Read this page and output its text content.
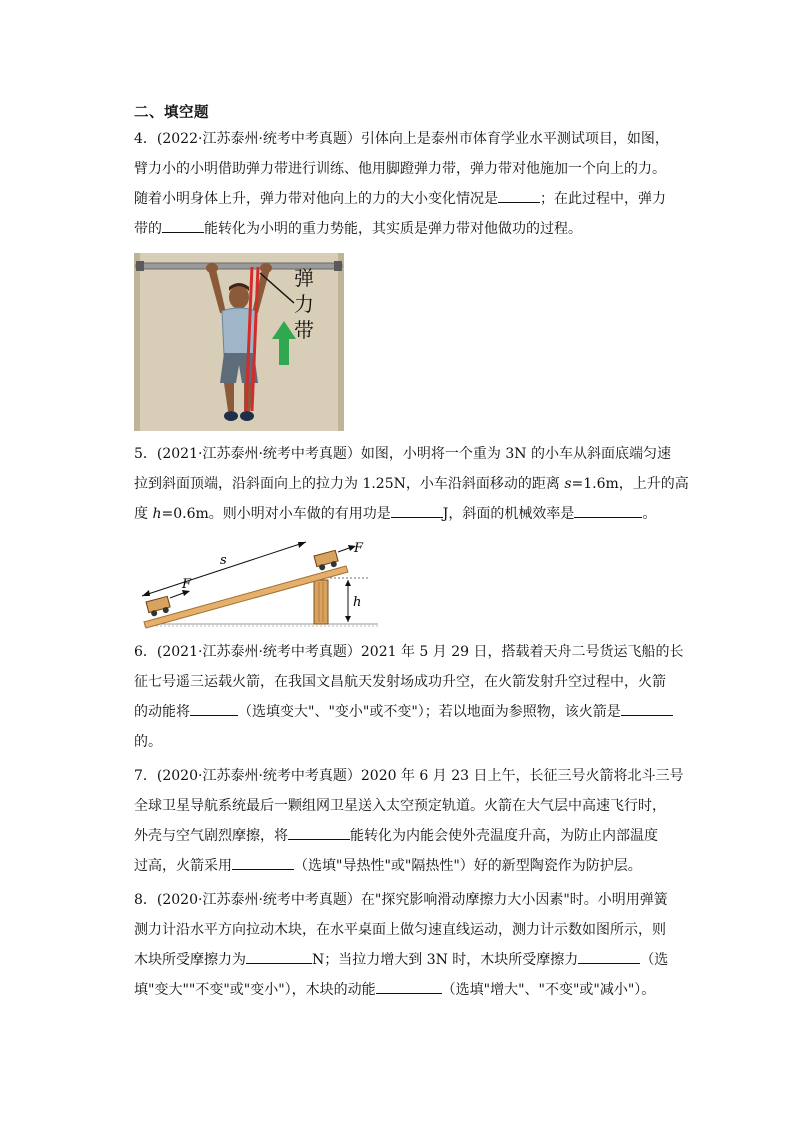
二、填空题
4．(2022·江苏泰州·统考中考真题）引体向上是泰州市体育学业水平测试项目，如图，
臂力小的小明借助弹力带进行训练、他用脚蹬弹力带，弹力带对他施加一个向上的力。
随着小明身体上升，弹力带对他向上的力的大小变化情况是	；在此过程中，弹力
带的	能转化为小明的重力势能，其实质是弹力带对他做功的过程。
弹
力
带
5．(2021·江苏泰州·统考中考真题）如图，小明将一个重为 3N 的小车从斜面底端匀速
拉到斜面顶端，沿斜面向上的拉力为 1.25N，小车沿斜面移动的距离 s=1.6m，上升的高
度 h=0.6m。则小明对小车做的有用功是	J，斜面的机械效率是	。
h
s
F
F
6．(2021·江苏泰州·统考中考真题）2021 年 5 月 29 日，搭载着天舟二号货运飞船的长
征七号遥三运载火箭，在我国文昌航天发射场成功升空，在火箭发射升空过程中，火箭
的动能将	（选填变大"、"变小"或不变"）；若以地面为参照物，该火箭是
的。
7．(2020·江苏泰州·统考中考真题）2020 年 6 月 23 日上午，长征三号火箭将北斗三号
全球卫星导航系统最后一颗组网卫星送入太空预定轨道。火箭在大气层中高速飞行时，
外壳与空气剧烈摩擦，将	能转化为内能会使外壳温度升高，为防止内部温度
过高，火箭采用	（选填"导热性"或"隔热性"）好的新型陶瓷作为防护层。
8．(2020·江苏泰州·统考中考真题）在"探究影响滑动摩擦力大小因素"时。小明用弹簧
测力计沿水平方向拉动木块，在水平桌面上做匀速直线运动，测力计示数如图所示，则
木块所受摩擦力为	N；当拉力增大到 3N 时，木块所受摩擦力	（选
填"变大""不变"或"变小"），木块的动能	（选填"增大"、"不变"或"减小"）。
